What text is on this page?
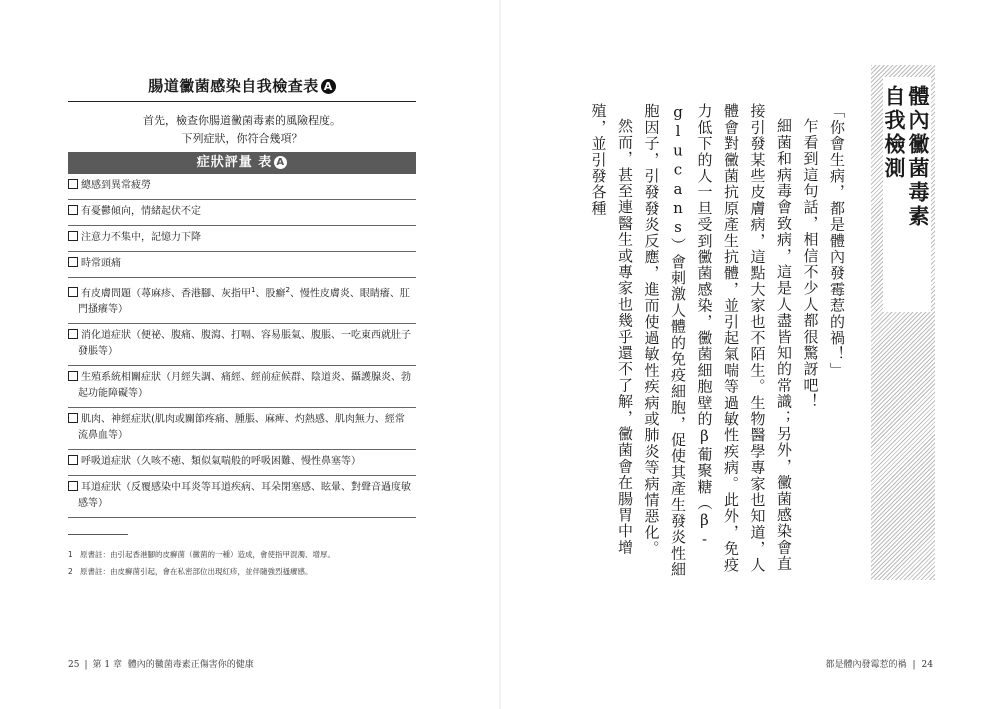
腸道黴菌感染自我檢查表 A
首先，檢查你腸道黴菌毒素的風險程度。
下列症狀，你符合幾項？
症狀評量 表 A
總感到異常疲勞
有憂鬱傾向，情緒起伏不定
注意力不集中，記憶力下降
時常頭痛
有皮膚問題（蕁麻疹、香港腳、灰指甲$^1$、股癬$^2$、慢性皮膚炎、眼睛癢、肛
門搔癢等）
消化道症狀（便祕、腹痛、腹瀉、打嗝、容易脹氣、腹脹、一吃東西就肚子
發脹等）
生殖系統相關症狀（月經失調、痛經、經前症候群、陰道炎、攝護腺炎、勃
起功能障礙等）
肌肉、神經症狀(肌肉或關節疼痛、腫脹、麻痺、灼熱感、肌肉無力、經常
流鼻血等）
呼吸道症狀（久咳不癒、類似氣喘般的呼吸困難、慢性鼻塞等）
耳道症狀（反覆感染中耳炎等耳道疾病、耳朵閉塞感、眩暈、對聲音過度敏
感等）
1 原書註：由引起香港腳的皮癬菌（黴菌的一種）造成，會使指甲混濁、增厚。
2 原書註：由皮癬菌引起，會在私密部位出現紅疹，並伴隨強烈搔癢感。
25 | 第 1 章 體內的黴菌毒素正傷害你的健康
體內黴菌毒素
自我檢測
「你會生病，都是體內發霉惹的禍！」
乍看到這句話，相信不少人都很驚訝吧！
細菌和病毒會致病，這是人盡皆知的常識；另外，黴菌感染會直接引發某些皮膚病，這點大家也不陌生。生物醫學專家也知道，人體會對黴菌抗原產生抗體，並引起氣喘等過敏性疾病。此外，免疫力低下的人一旦受到黴菌感染，黴菌細胞壁的β葡聚糖（β-glucans）會刺激人體的免疫細胞，促使其產生發炎性細胞因子，引發發炎反應，進而使過敏性疾病或肺炎等病情惡化。
然而，甚至連醫生或專家也幾乎還不了解，黴菌會在腸胃中增殖，並引發各種
都是體內發霉惹的禍 | 24
